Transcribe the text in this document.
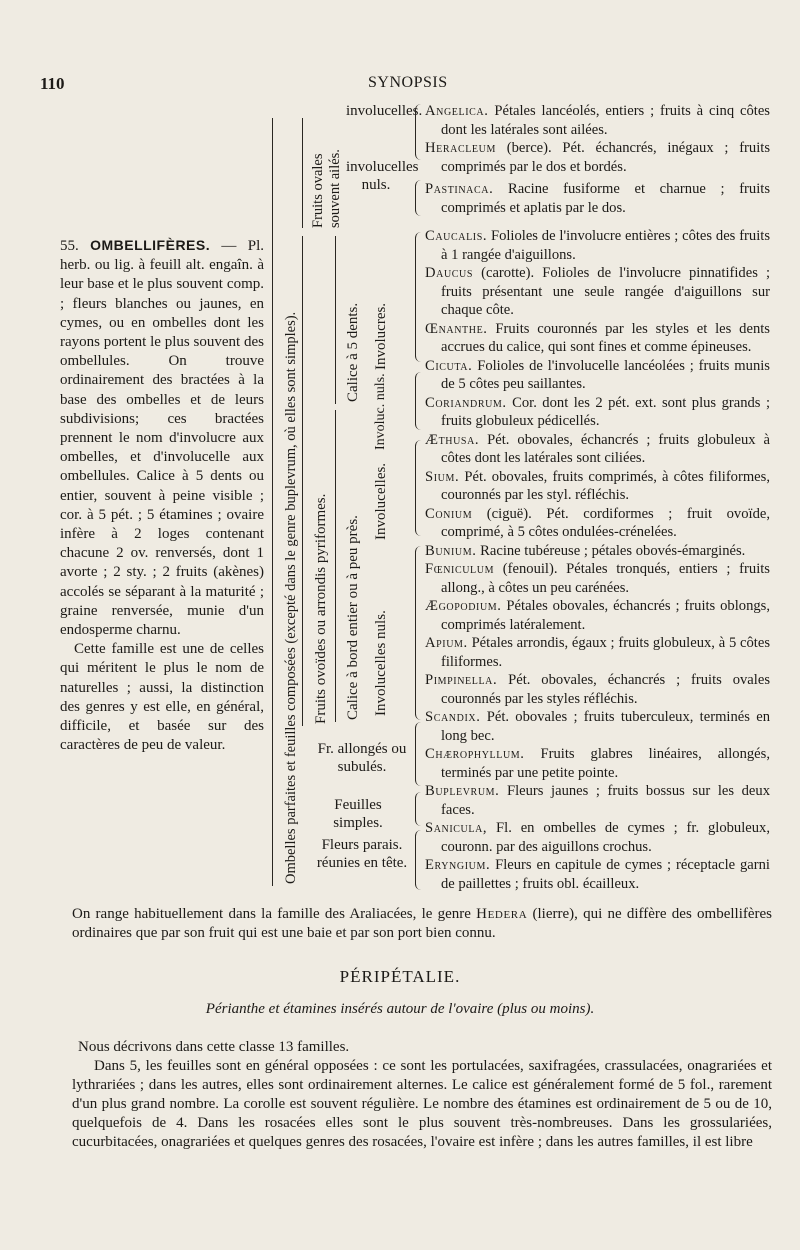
110	SYNOPSIS

55. OMBELLIFÈRES. — Pl. herb. ou lig. à feuill alt. engaîn. à leur base et le plus souvent comp. ; fleurs blanches ou jaunes, en cymes, ou en ombelles dont les rayons portent le plus souvent des ombellules. On trouve ordinairement des bractées à la base des ombelles et de leurs subdivisions; ces bractées prennent le nom d'involucre aux ombelles, et d'involucelle aux ombellules. Calice à 5 dents ou entier, souvent à peine visible ; cor. à 5 pét. ; 5 étamines ; ovaire infère à 2 loges contenant chacune 2 ov. renversés, dont 1 avorte ; 2 sty. ; 2 fruits (akènes) accolés se séparant à la maturité ; graine renversée, munie d'un endosperme charnu.

Cette famille est une de celles qui méritent le plus le nom de naturelles ; aussi, la distinction des genres y est elle, en général, difficile, et basée sur des caractères de peu de valeur.	Ombelles parfaites et feuilles composées (excepté dans le genre buplevrum, où elles sont simples).
Fruits ovales souvent ailés.
involucelles.
involucelles nuls.
Fruits ovoïdes ou arrondis pyriformes.
Calice à 5 dents. Involucres.
Involuc. nuls.
Calice à bord entier ou à peu près.
Involucelles.
Involucelles nuls.
Fr. allongés ou subulés.
Feuilles simples.
Fleurs parais. réunies en tête.

Angelica. Pétales lancéolés, entiers ; fruits à cinq côtes dont les latérales sont ailées.

Heracleum (berce). Pét. échancrés, inégaux ; fruits comprimés par le dos et bordés.

Pastinaca. Racine fusiforme et charnue ; fruits comprimés et aplatis par le dos.

Caucalis. Folioles de l'involucre entières ; côtes des fruits à 1 rangée d'aiguillons.

Daucus (carotte). Folioles de l'involucre pinnatifides ; fruits présentant une seule rangée d'aiguillons sur chaque côte.

Œnanthe. Fruits couronnés par les styles et les dents accrues du calice, qui sont fines et comme épineuses.

Cicuta. Folioles de l'involucelle lancéolées ; fruits munis de 5 côtes peu saillantes.

Coriandrum. Cor. dont les 2 pét. ext. sont plus grands ; fruits globuleux pédicellés.

Æthusa. Pét. obovales, échancrés ; fruits globuleux à côtes dont les latérales sont ciliées.

Sium. Pét. obovales, fruits comprimés, à côtes filiformes, couronnés par les styl. réfléchis.

Conium (ciguë). Pét. cordiformes ; fruit ovoïde, comprimé, à 5 côtes ondulées-crénelées.

Bunium. Racine tubéreuse ; pétales obovés-émarginés.

Fœniculum (fenouil). Pétales tronqués, entiers ; fruits allong., à côtes un peu carénées.

Ægopodium. Pétales obovales, échancrés ; fruits oblongs, comprimés latéralement.

Apium. Pétales arrondis, égaux ; fruits globuleux, à 5 côtes filiformes.

Pimpinella. Pét. obovales, échancrés ; fruits ovales couronnés par les styles réfléchis.

Scandix. Pét. obovales ; fruits tuberculeux, terminés en long bec.

Chærophyllum. Fruits glabres linéaires, allongés, terminés par une petite pointe.

Buplevrum. Fleurs jaunes ; fruits bossus sur les deux faces.

Sanicula, Fl. en ombelles de cymes ; fr. globuleux, couronn. par des aiguillons crochus.

Eryngium. Fleurs en capitule de cymes ; réceptacle garni de paillettes ; fruits obl. écailleux.

On range habituellement dans la famille des Araliacées, le genre Hedera (lierre), qui ne diffère des ombellifères ordinaires que par son fruit qui est une baie et par son port bien connu.
PÉRIPÉTALIE.
Périanthe et étamines insérés autour de l'ovaire (plus ou moins).

Nous décrivons dans cette classe 13 familles.

Dans 5, les feuilles sont en général opposées : ce sont les portulacées, saxifragées, crassulacées, onagrariées et lythrariées ; dans les autres, elles sont ordinairement alternes. Le calice est généralement formé de 5 fol., rarement d'un plus grand nombre. La corolle est souvent régulière. Le nombre des étamines est ordinairement de 5 ou de 10, quelquefois de 4. Dans les rosacées elles sont le plus souvent très-nombreuses. Dans les grossulariées, cucurbitacées, onagrariées et quelques genres des rosacées, l'ovaire est infère ; dans les autres familles, il est libre
